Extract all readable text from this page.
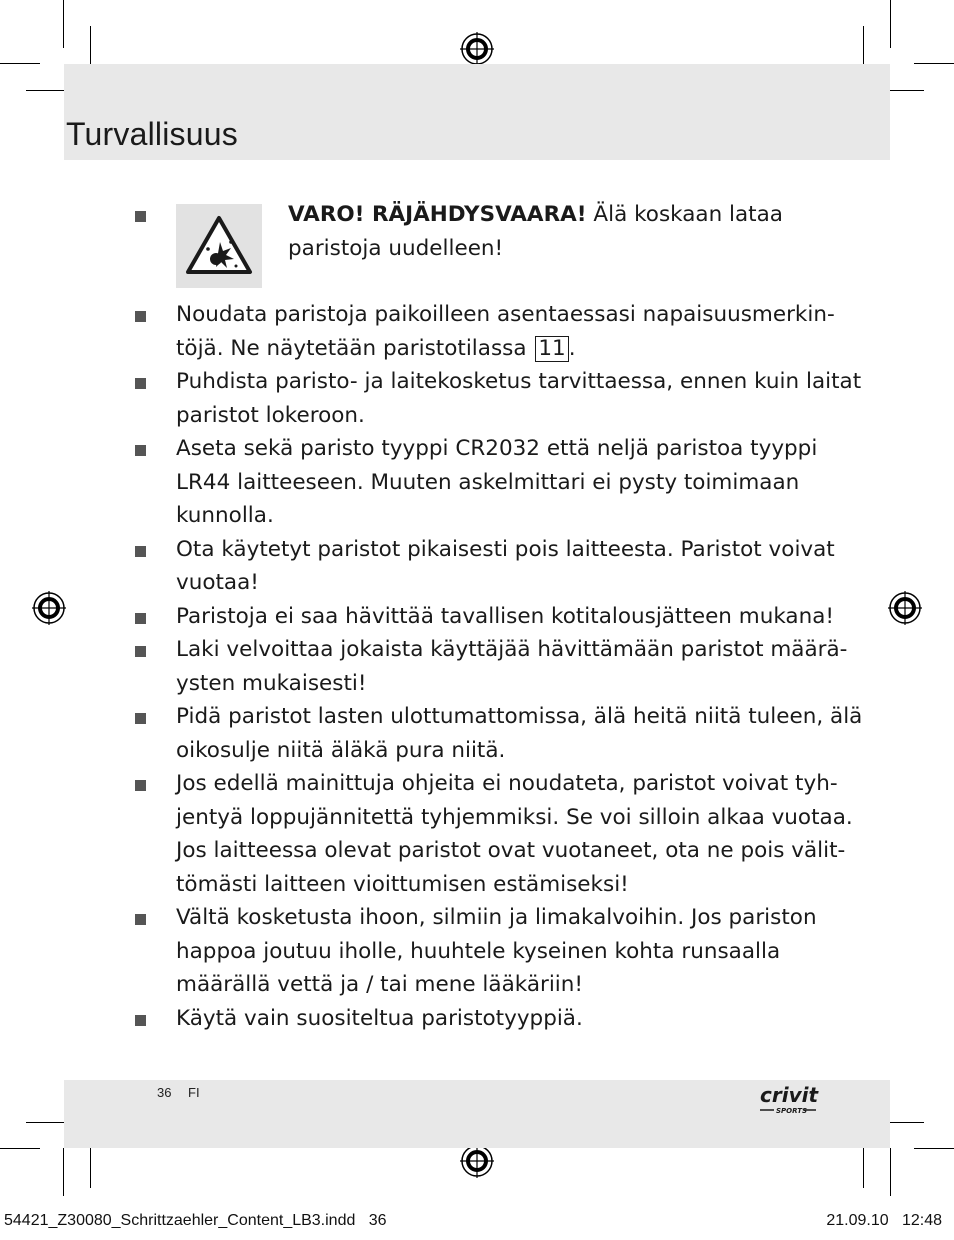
Turvallisuus
VARO! RÄJÄHDYSVAARA! Älä koskaan lataa
paristoja uudelleen!
Noudata paristoja paikoilleen asentaessasi napaisuusmerkin-
töjä. Ne näytetään paristotilassa 11 .
Puhdista paristo- ja laitekosketus tarvittaessa, ennen kuin laitat
paristot lokeroon.
Aseta sekä paristo tyyppi CR2032 että neljä paristoa tyyppi
LR44 laitteeseen. Muuten askelmittari ei pysty toimimaan
kunnolla.
Ota käytetyt paristot pikaisesti pois laitteesta. Paristot voivat
vuotaa!
Paristoja ei saa hävittää tavallisen kotitalousjätteen mukana!
Laki velvoittaa jokaista käyttäjää hävittämään paristot määrä-
ysten mukaisesti!
Pidä paristot lasten ulottumattomissa, älä heitä niitä tuleen, älä
oikosulje niitä äläkä pura niitä.
Jos edellä mainittuja ohjeita ei noudateta, paristot voivat tyh-
jentyä loppujännitettä tyhjemmiksi. Se voi silloin alkaa vuotaa.
Jos laitteessa olevat paristot ovat vuotaneet, ota ne pois välit-
tömästi laitteen vioittumisen estämiseksi!
Vältä kosketusta ihoon, silmiin ja limakalvoihin. Jos pariston
happoa joutuu iholle, huuhtele kyseinen kohta runsaalla
määrällä vettä ja / tai mene lääkäriin!
Käytä vain suositeltua paristotyyppiä.
36 FI	crivit
SPORTS
54421_Z30080_Schrittzaehler_Content_LB3.indd   36	21.09.10   12:48
